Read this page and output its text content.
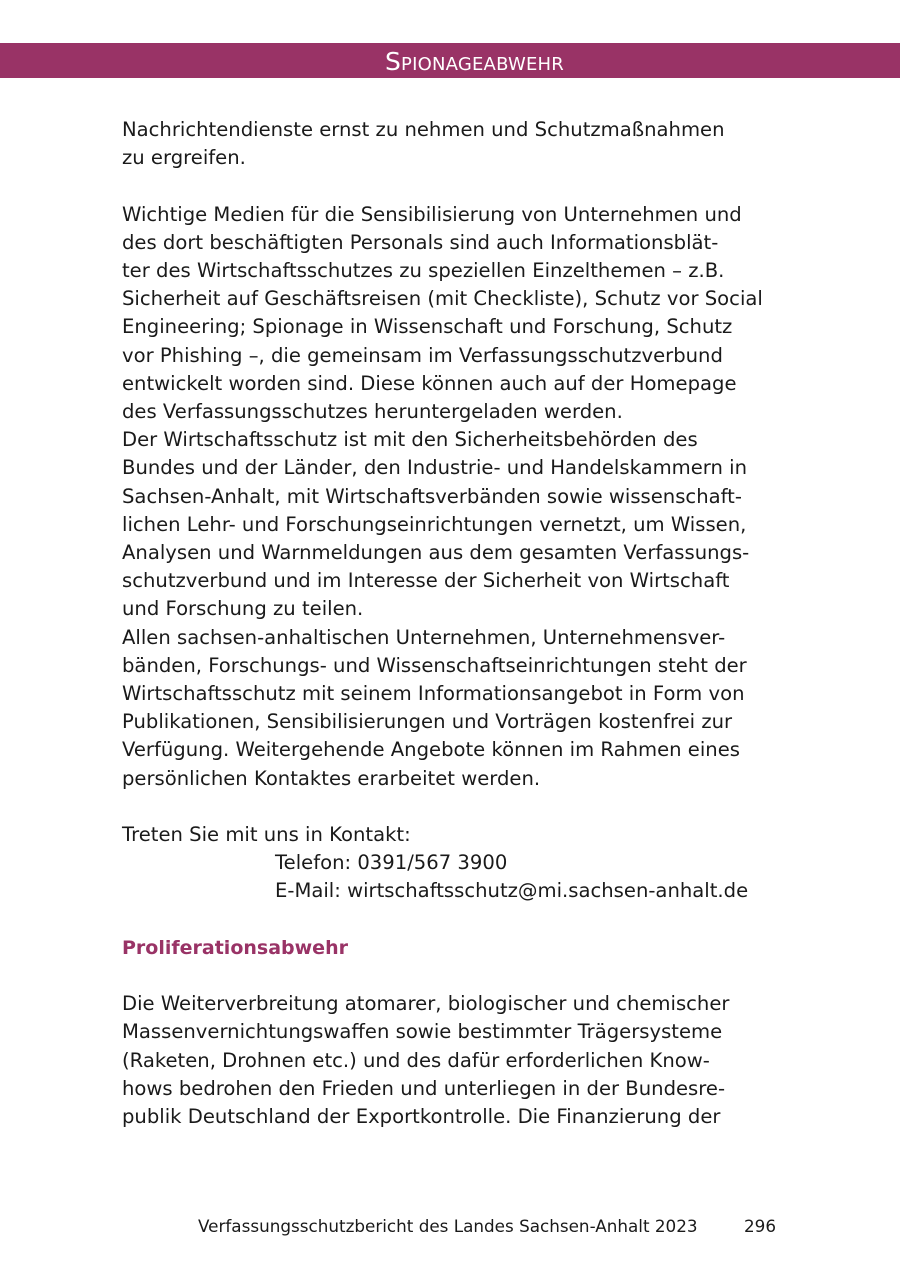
Spionageabwehr

Nachrichtendienste ernst zu nehmen und Schutzmaßnahmen
zu ergreifen.

Wichtige Medien für die Sensibilisierung von Unternehmen und
des dort beschäftigten Personals sind auch Informationsblät-
ter des Wirtschaftsschutzes zu speziellen Einzelthemen – z.B.
Sicherheit auf Geschäftsreisen (mit Checkliste), Schutz vor Social
Engineering; Spionage in Wissenschaft und Forschung, Schutz
vor Phishing –, die gemeinsam im Verfassungsschutzverbund
entwickelt worden sind. Diese können auch auf der Homepage
des Verfassungsschutzes heruntergeladen werden.

Der Wirtschaftsschutz ist mit den Sicherheitsbehörden des
Bundes und der Länder, den Industrie- und Handelskammern in
Sachsen-Anhalt, mit Wirtschaftsverbänden sowie wissenschaft-
lichen Lehr- und Forschungseinrichtungen vernetzt, um Wissen,
Analysen und Warnmeldungen aus dem gesamten Verfassungs-
schutzverbund und im Interesse der Sicherheit von Wirtschaft
und Forschung zu teilen.

Allen sachsen-anhaltischen Unternehmen, Unternehmensver-
bänden, Forschungs- und Wissenschaftseinrichtungen steht der
Wirtschaftsschutz mit seinem Informationsangebot in Form von
Publikationen, Sensibilisierungen und Vorträgen kostenfrei zur
Verfügung. Weitergehende Angebote können im Rahmen eines
persönlichen Kontaktes erarbeitet werden.

Treten Sie mit uns in Kontakt:
Telefon: 0391/567 3900
E-Mail: wirtschaftsschutz@mi.sachsen-anhalt.de

Proliferationsabwehr

Die Weiterverbreitung atomarer, biologischer und chemischer
Massenvernichtungswaffen sowie bestimmter Trägersysteme
(Raketen, Drohnen etc.) und des dafür erforderlichen Know-
hows bedrohen den Frieden und unterliegen in der Bundesre-
publik Deutschland der Exportkontrolle. Die Finanzierung der

Verfassungsschutzbericht des Landes Sachsen-Anhalt 2023	296
